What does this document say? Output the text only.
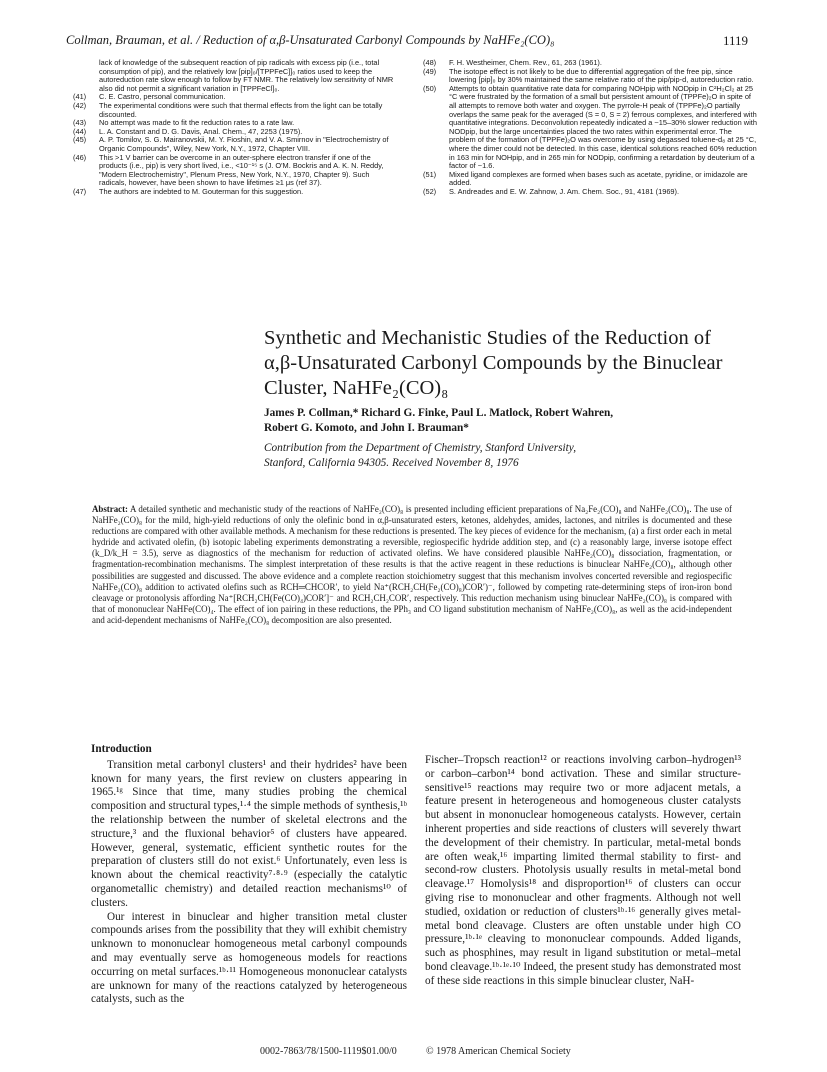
Collman, Brauman, et al. / Reduction of α,β-Unsaturated Carbonyl Compounds by NaHFe₂(CO)₈	1119

lack of knowledge of the subsequent reaction of pip radicals with excess pip (i.e., total consumption of pip), and the relatively low [pip]₀/[TPPFeC]]₀ ratios used to keep the autoreduction rate slow enough to follow by FT NMR. The relatively low sensitivity of NMR also did not permit a significant variation in [TPPFeCl]₀.

(41) C. E. Castro, personal communication.

(42) The experimental conditions were such that thermal effects from the light can be totally discounted.

(43) No attempt was made to fit the reduction rates to a rate law.

(44) L. A. Constant and D. G. Davis, Anal. Chem., 47, 2253 (1975).

(45) A. P. Tomilov, S. G. Mairanovskii, M. Y. Fioshin, and V. A. Smirnov in "Electrochemistry of Organic Compounds", Wiley, New York, N.Y., 1972, Chapter VIII.

(46) This >1 V barrier can be overcome in an outer-sphere electron transfer if one of the products (i.e., pip) is very short lived, i.e., <10⁻¹⁵ s (J. O'M. Bockris and A. K. N. Reddy, "Modern Electrochemistry", Plenum Press, New York, N.Y., 1970, Chapter 9). Such radicals, however, have been shown to have lifetimes ≥1 μs (ref 37).

(47) The authors are indebted to M. Gouterman for this suggestion.

(48) F. H. Westheimer, Chem. Rev., 61, 263 (1961).

(49) The isotope effect is not likely to be due to differential aggregation of the free pip, since lowering [pip]₀ by 30% maintained the same relative ratio of the pip/pip-d, autoreduction ratio.

(50) Attempts to obtain quantitative rate data for comparing NOHpip with NODpip in C²H₂Cl₂ at 25 °C were frustrated by the formation of a small but persistent amount of (TPPFe)₂O in spite of all attempts to remove both water and oxygen. The pyrrole-H peak of (TPPFe)₂O partially overlaps the same peak for the averaged (S = 0, S = 2) ferrous complexes, and interfered with quantitative integrations. Deconvolution repeatedly indicated a ~15–30% slower reduction with NODpip, but the large uncertainties placed the two rates within experimental error. The problem of the formation of (TPPFe)₂O was overcome by using degassed toluene-d₈ at 25 °C, where the dimer could not be detected. In this case, identical solutions reached 60% reduction in 163 min for NOHpip, and in 265 min for NODpip, confirming a retardation by deuterium of a factor of ~1.6.

(51) Mixed ligand complexes are formed when bases such as acetate, pyridine, or imidazole are added.

(52) S. Andreades and E. W. Zahnow, J. Am. Chem. Soc., 91, 4181 (1969).

Synthetic and Mechanistic Studies of the Reduction of α,β-Unsaturated Carbonyl Compounds by the Binuclear Cluster, NaHFe₂(CO)₈
James P. Collman,* Richard G. Finke, Paul L. Matlock, Robert Wahren,
Robert G. Komoto, and John I. Brauman*
Contribution from the Department of Chemistry, Stanford University,
Stanford, California 94305. Received November 8, 1976
Abstract: A detailed synthetic and mechanistic study of the reactions of NaHFe₂(CO)₈ is presented including efficient preparations of Na₂Fe₂(CO)₈ and NaHFe₂(CO)₈. The use of NaHFe₂(CO)₈ for the mild, high-yield reductions of only the olefinic bond in α,β-unsaturated esters, ketones, aldehydes, amides, lactones, and nitriles is documented and these reductions are compared with other available methods. A mechanism for these reductions is presented. The key pieces of evidence for the mechanism, (a) a first order each in metal hydride and activated olefin, (b) isotopic labeling experiments demonstrating a reversible, regiospecific hydride addition step, and (c) a reasonably large, inverse isotope effect (k_D/k_H = 3.5), serve as diagnostics of the mechanism for reduction of activated olefins. We have considered plausible NaHFe₂(CO)₈ dissociation, fragmentation, or fragmentation-recombination mechanisms. The simplest interpretation of these results is that the active reagent in these reductions is binuclear NaHFe₂(CO)₈, although other possibilities are suggested and discussed. The above evidence and a complete reaction stoichiometry suggest that this mechanism involves concerted reversible and regiospecific NaHFe₂(CO)₈ addition to activated olefins such as RCH═CHCOR′, to yield Na⁺(RCH₂CH(Fe₂(CO)₈)COR′)⁻, followed by competing rate-determining steps of iron-iron bond cleavage or protonolysis affording Na⁺[RCH₂CH(Fe(CO)₄)COR′]⁻ and RCH₂CH₂COR′, respectively. This reduction mechanism using binuclear NaHFe₂(CO)₈ is compared with that of mononuclear NaHFe(CO)₄. The effect of ion pairing in these reductions, the PPh₃ and CO ligand substitution mechanism of NaHFe₂(CO)₈, as well as the acid-independent and acid-dependent mechanisms of NaHFe₂(CO)₈ decomposition are also presented.
Introduction

Transition metal carbonyl clusters¹ and their hydrides² have been known for many years, the first review on clusters appearing in 1965.¹ᵍ Since that time, many studies probing the chemical composition and structural types,¹·⁴ the simple methods of synthesis,¹ᵇ the relationship between the number of skeletal electrons and the structure,³ and the fluxional behavior⁵ of clusters have appeared. However, general, systematic, efficient synthetic routes for the preparation of clusters still do not exist.⁶ Unfortunately, even less is known about the chemical reactivity⁷·⁸·⁹ (especially the catalytic organometallic chemistry) and detailed reaction mechanisms¹⁰ of clusters.

Our interest in binuclear and higher transition metal cluster compounds arises from the possibility that they will exhibit chemistry unknown to mononuclear homogeneous metal carbonyl compounds and may eventually serve as homogeneous models for reactions occurring on metal surfaces.¹ᵇ·¹¹ Homogeneous mononuclear catalysts are unknown for many of the reactions catalyzed by heterogeneous catalysts, such as the

Fischer–Tropsch reaction¹² or reactions involving carbon–hydrogen¹³ or carbon–carbon¹⁴ bond activation. These and similar structure-sensitive¹⁵ reactions may require two or more adjacent metals, a feature present in heterogeneous and homogeneous cluster catalysts but absent in mononuclear homogeneous catalysts. However, certain inherent properties and side reactions of clusters will severely thwart the development of their chemistry. In particular, metal-metal bonds are often weak,¹⁶ imparting limited thermal stability to first- and second-row clusters. Photolysis usually results in metal-metal bond cleavage.¹⁷ Homolysis¹⁸ and disproportion¹⁶ of clusters can occur giving rise to mononuclear and other fragments. Although not well studied, oxidation or reduction of clusters¹ᵇ·¹⁶ generally gives metal-metal bond cleavage. Clusters are often unstable under high CO pressure,¹ᵇ·¹ᵉ cleaving to mononuclear compounds. Added ligands, such as phosphines, may result in ligand substitution or metal–metal bond cleavage.¹ᵇ·¹ᵉ·¹⁰ Indeed, the present study has demonstrated most of these side reactions in this simple binuclear cluster, NaH-

0002-7863/78/1500-1119$01.00/0	© 1978 American Chemical Society
